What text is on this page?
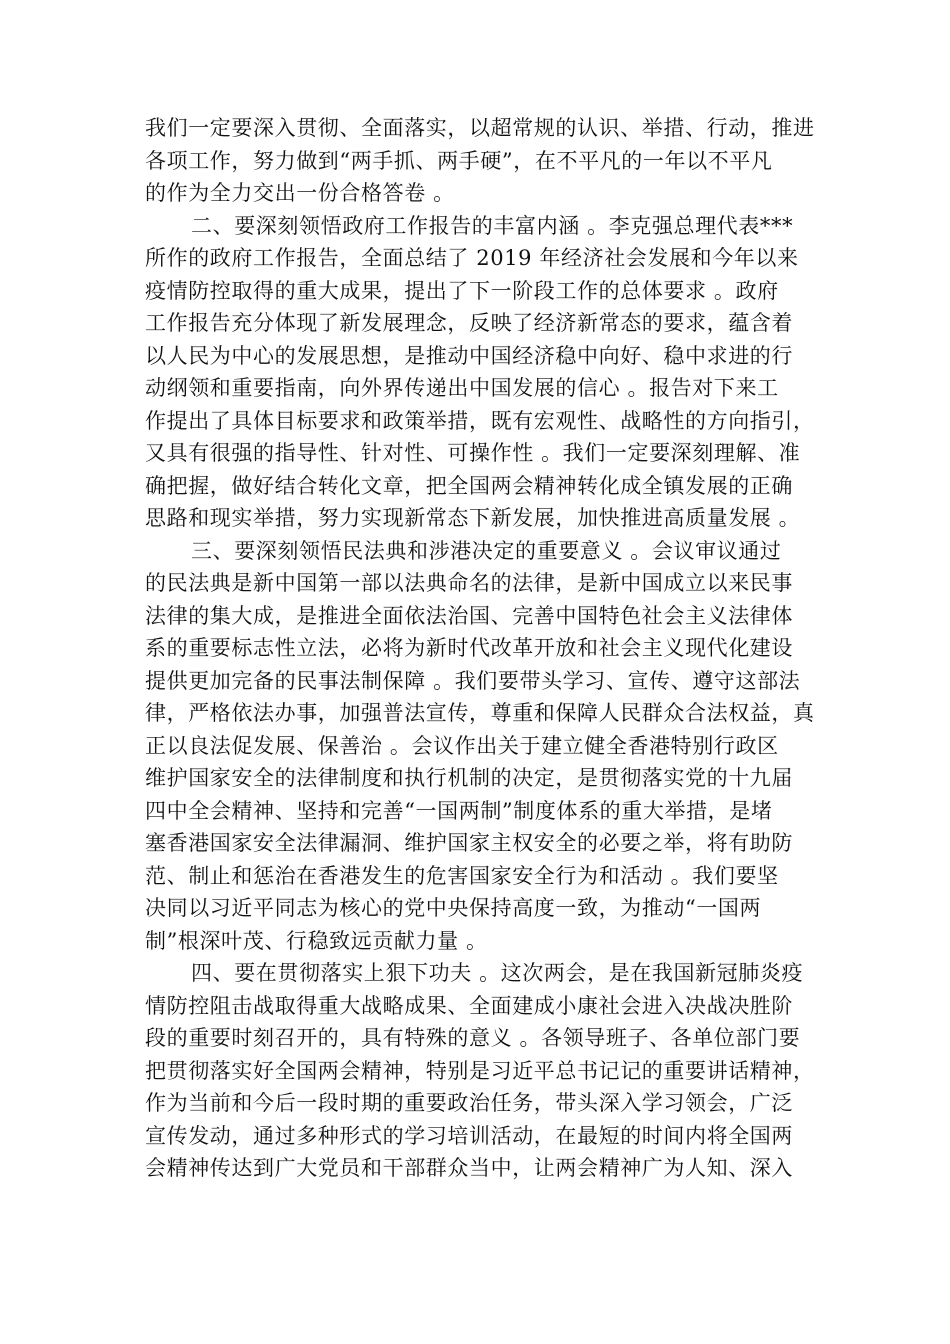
我们一定要深入贯彻、全面落实，以超常规的认识、举措、行动，推进
各项工作，努力做到“两手抓、两手硬”，在不平凡的一年以不平凡
的作为全力交出一份合格答卷 。
二、要深刻领悟政府工作报告的丰富内涵 。李克强总理代表***
所作的政府工作报告，全面总结了 2019 年经济社会发展和今年以来
疫情防控取得的重大成果，提出了下一阶段工作的总体要求 。政府
工作报告充分体现了新发展理念，反映了经济新常态的要求，蕴含着
以人民为中心的发展思想，是推动中国经济稳中向好、稳中求进的行
动纲领和重要指南，向外界传递出中国发展的信心 。报告对下来工
作提出了具体目标要求和政策举措，既有宏观性、战略性的方向指引，
又具有很强的指导性、针对性、可操作性 。我们一定要深刻理解、准
确把握，做好结合转化文章，把全国两会精神转化成全镇发展的正确
思路和现实举措，努力实现新常态下新发展，加快推进高质量发展 。
三、要深刻领悟民法典和涉港决定的重要意义 。会议审议通过
的民法典是新中国第一部以法典命名的法律，是新中国成立以来民事
法律的集大成，是推进全面依法治国、完善中国特色社会主义法律体
系的重要标志性立法，必将为新时代改革开放和社会主义现代化建设
提供更加完备的民事法制保障 。我们要带头学习、宣传、遵守这部法
律，严格依法办事，加强普法宣传，尊重和保障人民群众合法权益，真
正以良法促发展、保善治 。会议作出关于建立健全香港特别行政区
维护国家安全的法律制度和执行机制的决定，是贯彻落实党的十九届
四中全会精神、坚持和完善“一国两制”制度体系的重大举措，是堵
塞香港国家安全法律漏洞、维护国家主权安全的必要之举，将有助防
范、制止和惩治在香港发生的危害国家安全行为和活动 。我们要坚
决同以习近平同志为核心的党中央保持高度一致，为推动“一国两
制”根深叶茂、行稳致远贡献力量 。
四、要在贯彻落实上狠下功夫 。这次两会，是在我国新冠肺炎疫
情防控阻击战取得重大战略成果、全面建成小康社会进入决战决胜阶
段的重要时刻召开的，具有特殊的意义 。各领导班子、各单位部门要
把贯彻落实好全国两会精神，特别是习近平总书记记的重要讲话精神，
作为当前和今后一段时期的重要政治任务，带头深入学习领会，广泛
宣传发动，通过多种形式的学习培训活动，在最短的时间内将全国两
会精神传达到广大党员和干部群众当中，让两会精神广为人知、深入
